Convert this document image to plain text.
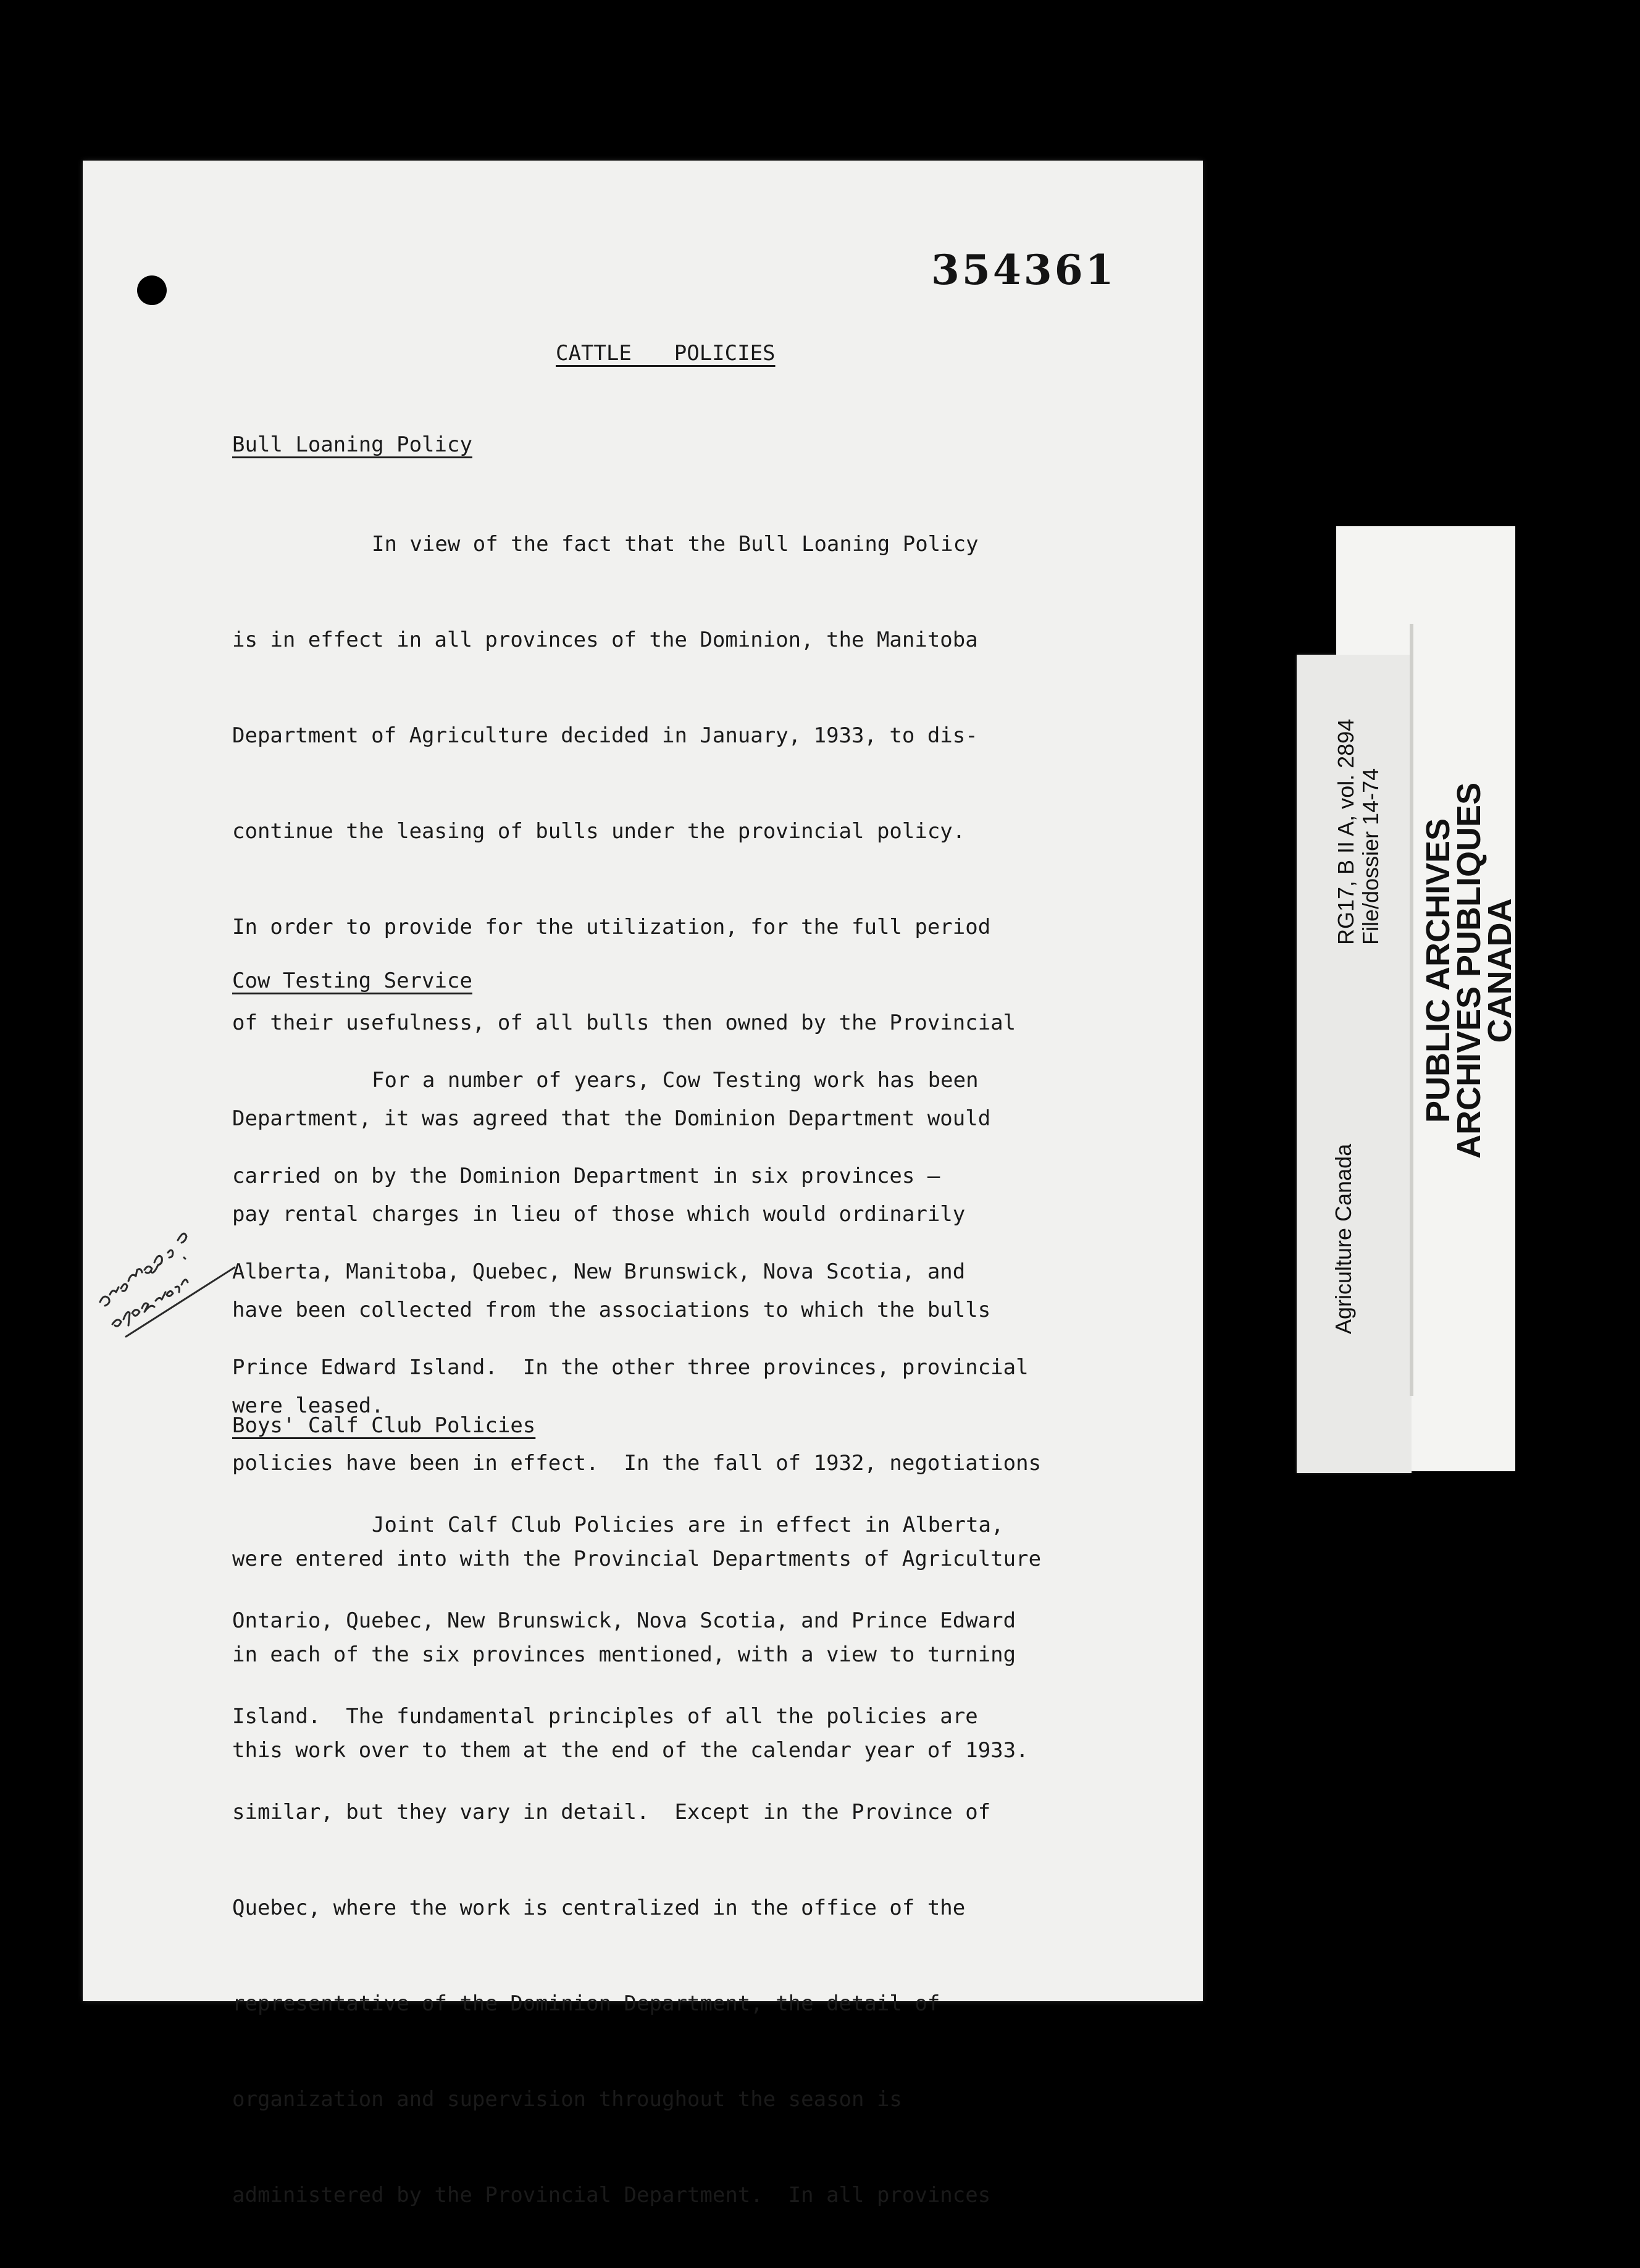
354361
CATTLE  POLICIES
Bull Loaning Policy

In view of the fact that the Bull Loaning Policy

is in effect in all provinces of the Dominion, the Manitoba

Department of Agriculture decided in January, 1933, to dis-

continue the leasing of bulls under the provincial policy.

In order to provide for the utilization, for the full period

of their usefulness, of all bulls then owned by the Provincial

Department, it was agreed that the Dominion Department would

pay rental charges in lieu of those which would ordinarily

have been collected from the associations to which the bulls

were leased.

Cow Testing Service

For a number of years, Cow Testing work has been

carried on by the Dominion Department in six provinces —

Alberta, Manitoba, Quebec, New Brunswick, Nova Scotia, and

Prince Edward Island.  In the other three provinces, provincial

policies have been in effect.  In the fall of 1932, negotiations

were entered into with the Provincial Departments of Agriculture

in each of the six provinces mentioned, with a view to turning

this work over to them at the end of the calendar year of 1933.

Boys' Calf Club Policies

Joint Calf Club Policies are in effect in Alberta,

Ontario, Quebec, New Brunswick, Nova Scotia, and Prince Edward

Island.  The fundamental principles of all the policies are

similar, but they vary in detail.  Except in the Province of

Quebec, where the work is centralized in the office of the

representative of the Dominion Department, the detail of

organization and supervision throughout the season is

administered by the Provincial Department.  In all provinces

Agriculture Canada
RG17, B II A, vol. 2894 File/dossier 14-74 PUBLIC ARCHIVES
ARCHIVES PUBLIQUES
CANADA
